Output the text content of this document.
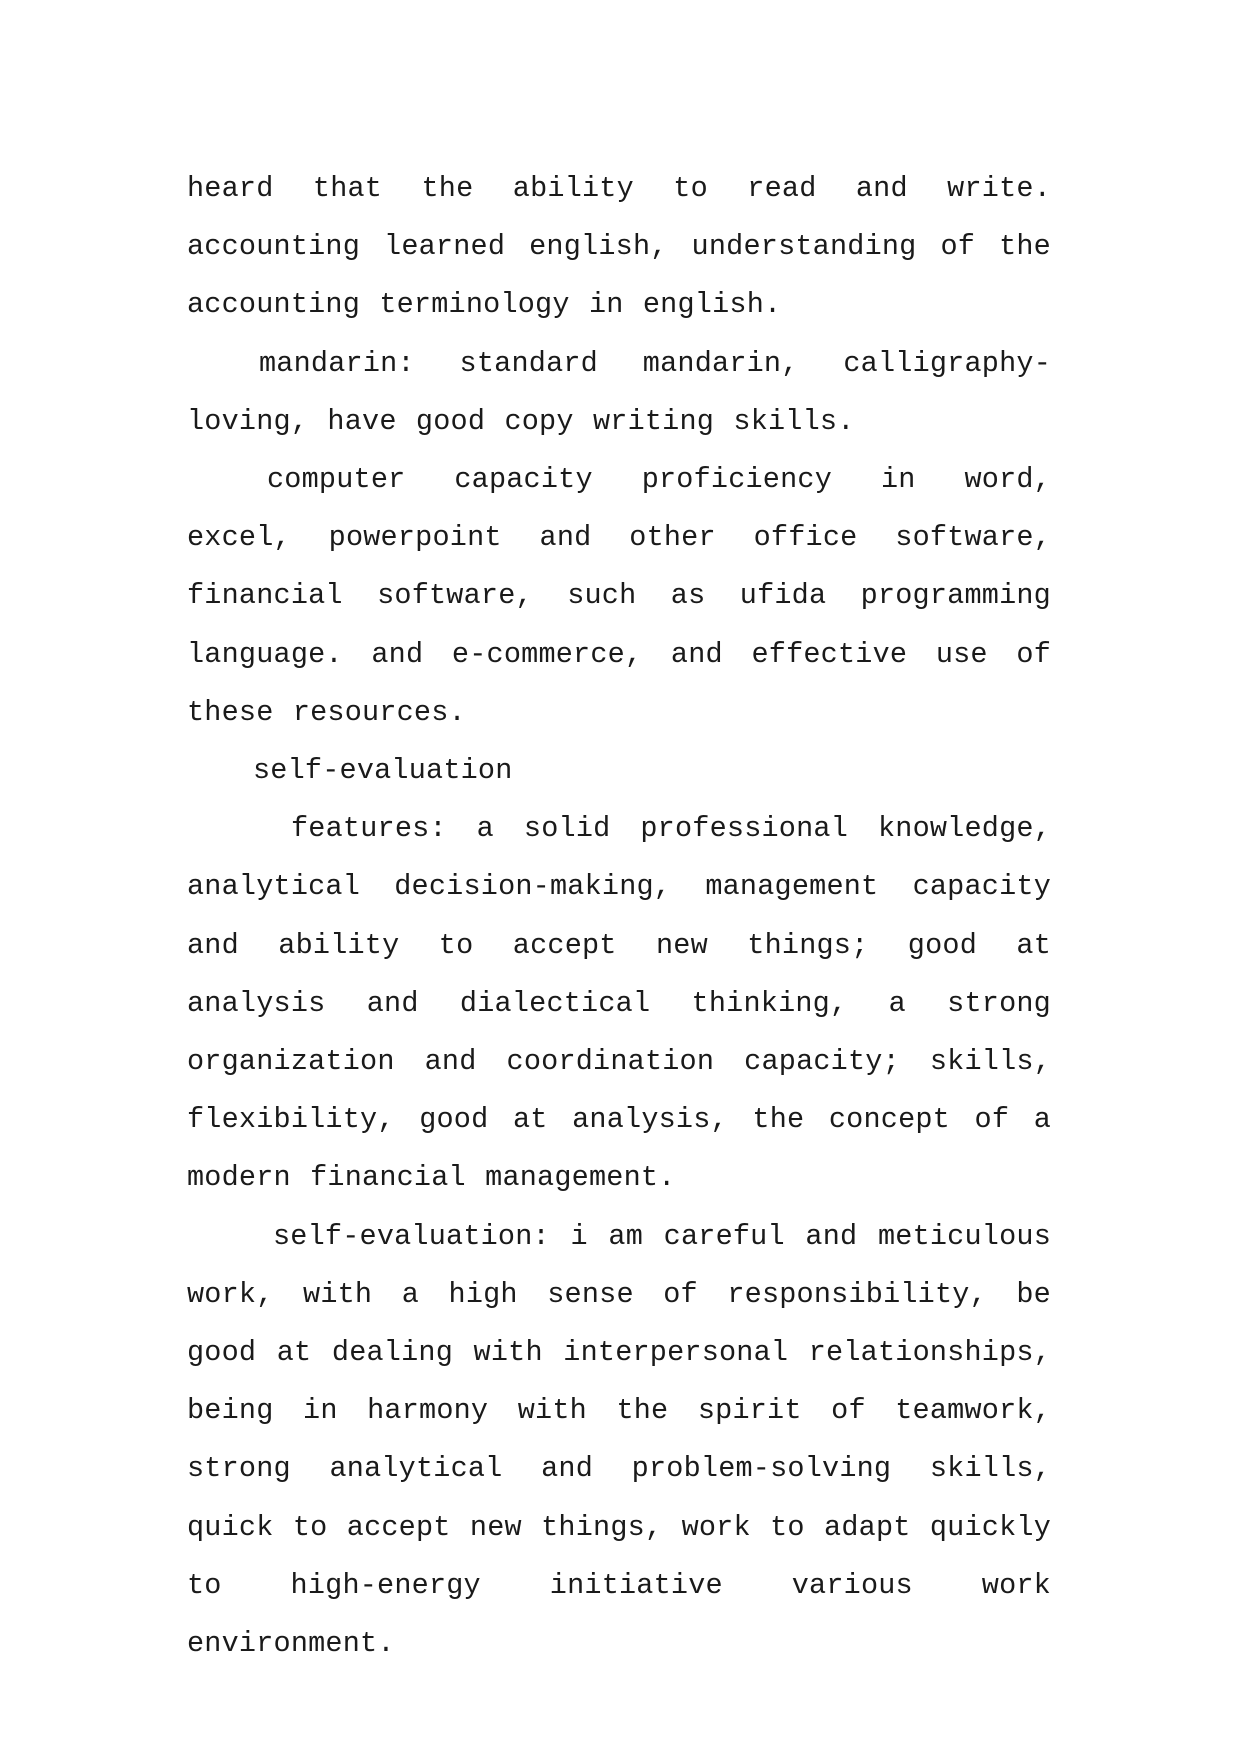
heard that the ability to read and write. accounting learned english, understanding of the accounting terminology in english.

mandarin: standard mandarin, calligraphy-loving, have good copy writing skills.

computer capacity proficiency in word, excel, powerpoint and other office software, financial software, such as ufida programming language. and e-commerce, and effective use of these resources.

self-evaluation

features: a solid professional knowledge, analytical decision-making, management capacity and ability to accept new things; good at analysis and dialectical thinking, a strong organization and coordination capacity; skills, flexibility, good at analysis, the concept of a modern financial management.

self-evaluation: i am careful and meticulous work, with a high sense of responsibility, be good at dealing with interpersonal relationships, being in harmony with the spirit of teamwork, strong analytical and problem-solving skills, quick to accept new things, work to adapt quickly to high-energy initiative various work environment.
